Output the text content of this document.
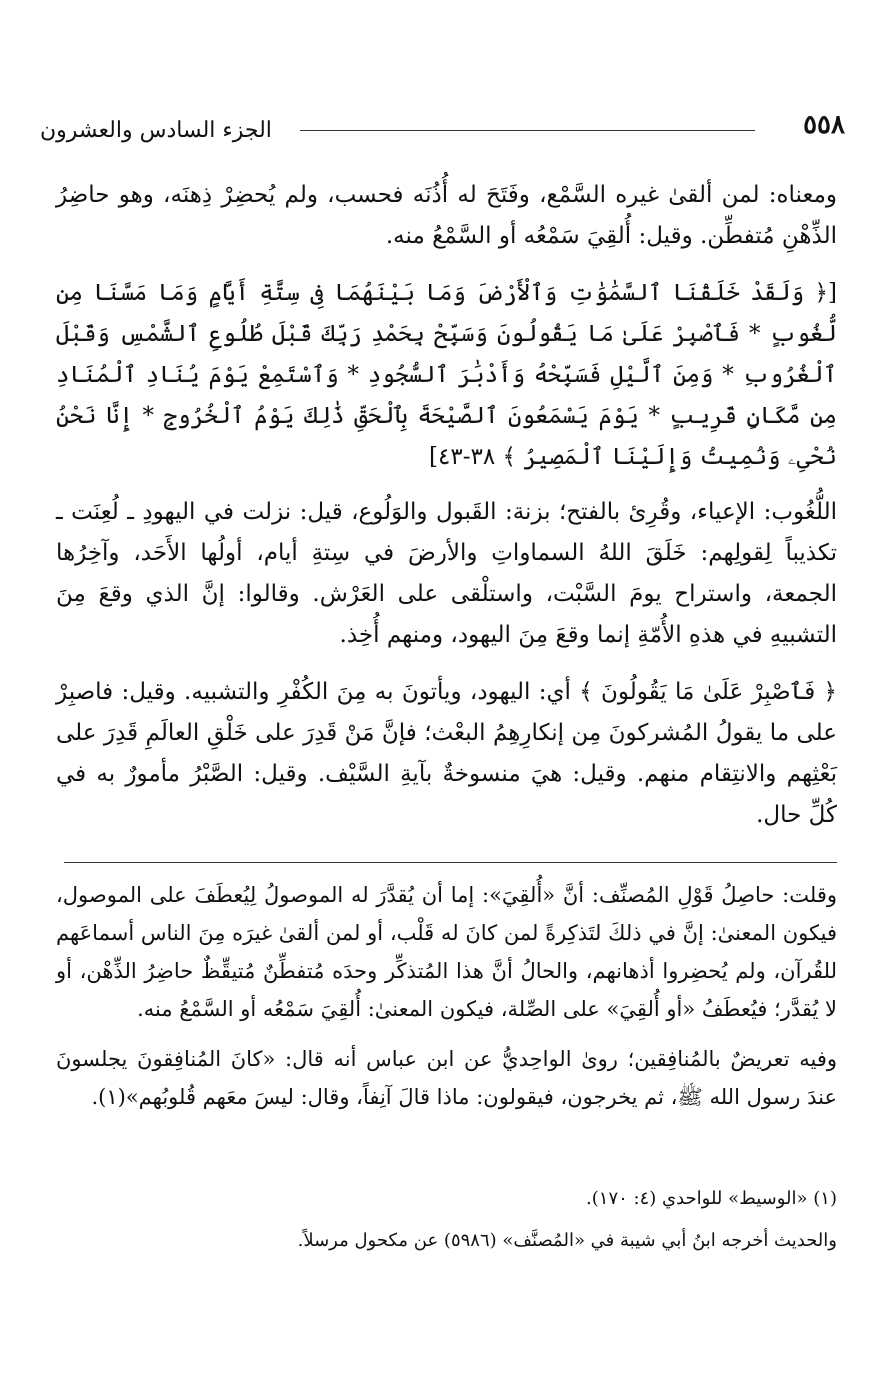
٥٥٨
الجزء السادس والعشرون

ومعناه: لمن ألقىٰ غيره السَّمْع، وفَتَحَ له أُذُنَه فحسب، ولم يُحضِرْ ذِهنَه، وهو حاضِرُ الذِّهْنِ مُتفطِّن. وقيل: أُلقِيَ سَمْعُه أو السَّمْعُ منه.

[﴿ وَلَقَدْ خَلَقْنَا ٱلسَّمَٰوَٰتِ وَٱلْأَرْضَ وَمَا بَيْنَهُمَا فِى سِتَّةِ أَيَّامٍ وَمَا مَسَّنَا مِن لُّغُوبٍ * فَٱصْبِرْ عَلَىٰ مَا يَقُولُونَ وَسَبِّحْ بِحَمْدِ رَبِّكَ قَبْلَ طُلُوعِ ٱلشَّمْسِ وَقَبْلَ ٱلْغُرُوبِ * وَمِنَ ٱلَّيْلِ فَسَبِّحْهُ وَأَدْبَٰرَ ٱلسُّجُودِ * وَٱسْتَمِعْ يَوْمَ يُنَادِ ٱلْمُنَادِ مِن مَّكَانٍ قَرِيبٍ * يَوْمَ يَسْمَعُونَ ٱلصَّيْحَةَ بِٱلْحَقِّ ذَٰلِكَ يَوْمُ ٱلْخُرُوجِ * إِنَّا نَحْنُ نُحْىِۦ وَنُمِيتُ وَإِلَيْنَا ٱلْمَصِيرُ ﴾ ٣٨-٤٣]

اللُّغُوب: الإعياء، وقُرِئ بالفتح؛ بزنة: القَبول والوَلُوع، قيل: نزلت في اليهودِ ـ لُعِنَت ـ تكذيباً لِقولِهم: خَلَقَ اللهُ السماواتِ والأرضَ في سِتةِ أيام، أولُها الأَحَد، وآخِرُها الجمعة، واستراح يومَ السَّبْت، واستلْقى على العَرْش. وقالوا: إنَّ الذي وقعَ مِنَ التشبيهِ في هذهِ الأُمّةِ إنما وقعَ مِنَ اليهود، ومنهم أُخِذ.

﴿ فَٱصْبِرْ عَلَىٰ مَا يَقُولُونَ ﴾ أي: اليهود، ويأتونَ به مِنَ الكُفْرِ والتشبيه. وقيل: فاصبِرْ على ما يقولُ المُشركونَ مِن إنكارِهِمُ البعْث؛ فإنَّ مَنْ قَدِرَ على خَلْقِ العالَمِ قَدِرَ على بَعْثِهم والانتِقام منهم. وقيل: هيَ منسوخةٌ بآيةِ السَّيْف. وقيل: الصَّبْرُ مأمورٌ به في كُلِّ حال.

وقلت: حاصِلُ قَوْلِ المُصنِّف: أنَّ «أُلقِيَ»: إما أن يُقدَّرَ له الموصولُ لِيُعطَفَ على الموصول، فيكون المعنىٰ: إنَّ في ذلكَ لتَذكِرةً لمن كانَ له قَلْب، أو لمن ألقىٰ غيرَه مِنَ الناس أسماعَهم للقُرآن، ولم يُحضِروا أذهانهم، والحالُ أنَّ هذا المُتذكِّر وحدَه مُتفطِّنٌ مُتيقِّظٌ حاضِرُ الذِّهْن، أو لا يُقدَّر؛ فيُعطَفُ «أو أُلقِيَ» على الصِّلة، فيكون المعنىٰ: أُلقِيَ سَمْعُه أو السَّمْعُ منه.

وفيه تعريضٌ بالمُنافِقين؛ روىٰ الواحِديُّ عن ابن عباس أنه قال: «كانَ المُنافِقونَ يجلسونَ عندَ رسول الله ﷺ، ثم يخرجون، فيقولون: ماذا قالَ آنِفاً، وقال: ليسَ معَهم قُلوبُهم»(١).

(١) «الوسيط» للواحدي (٤: ١٧٠).

والحديث أخرجه ابنُ أبي شيبة في «المُصنَّف» (٥٩٨٦) عن مكحول مرسلاً.
